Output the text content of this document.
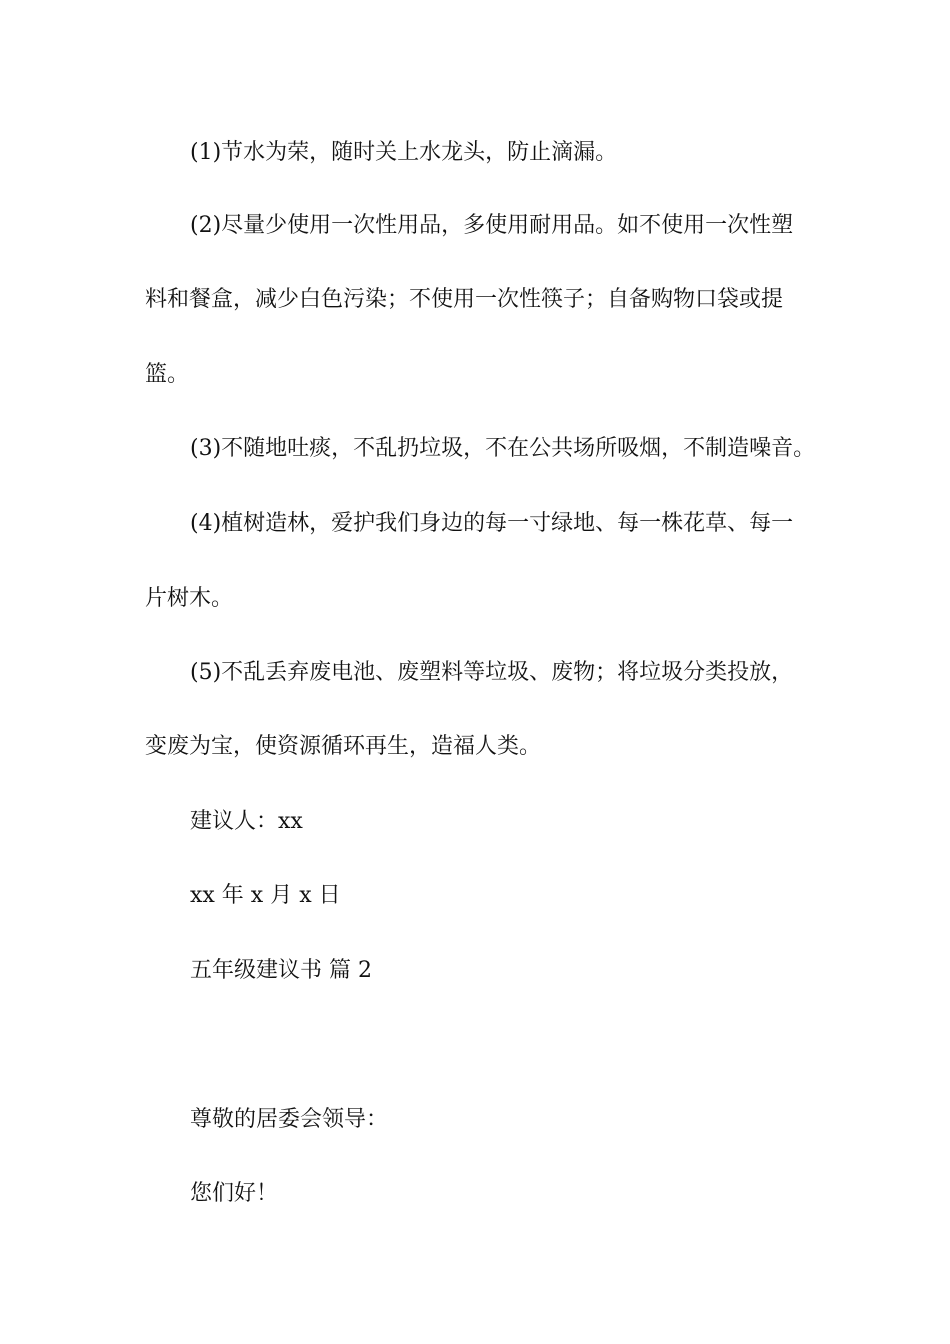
(1)节水为荣，随时关上水龙头，防止滴漏。
(2)尽量少使用一次性用品，多使用耐用品。如不使用一次性塑
料和餐盒，减少白色污染；不使用一次性筷子；自备购物口袋或提
篮。
(3)不随地吐痰，不乱扔垃圾，不在公共场所吸烟，不制造噪音。
(4)植树造林，爱护我们身边的每一寸绿地、每一株花草、每一
片树木。
(5)不乱丢弃废电池、废塑料等垃圾、废物；将垃圾分类投放，
变废为宝，使资源循环再生，造福人类。
建议人：xx
xx 年 x 月 x 日
五年级建议书 篇 2
尊敬的居委会领导：
您们好！
